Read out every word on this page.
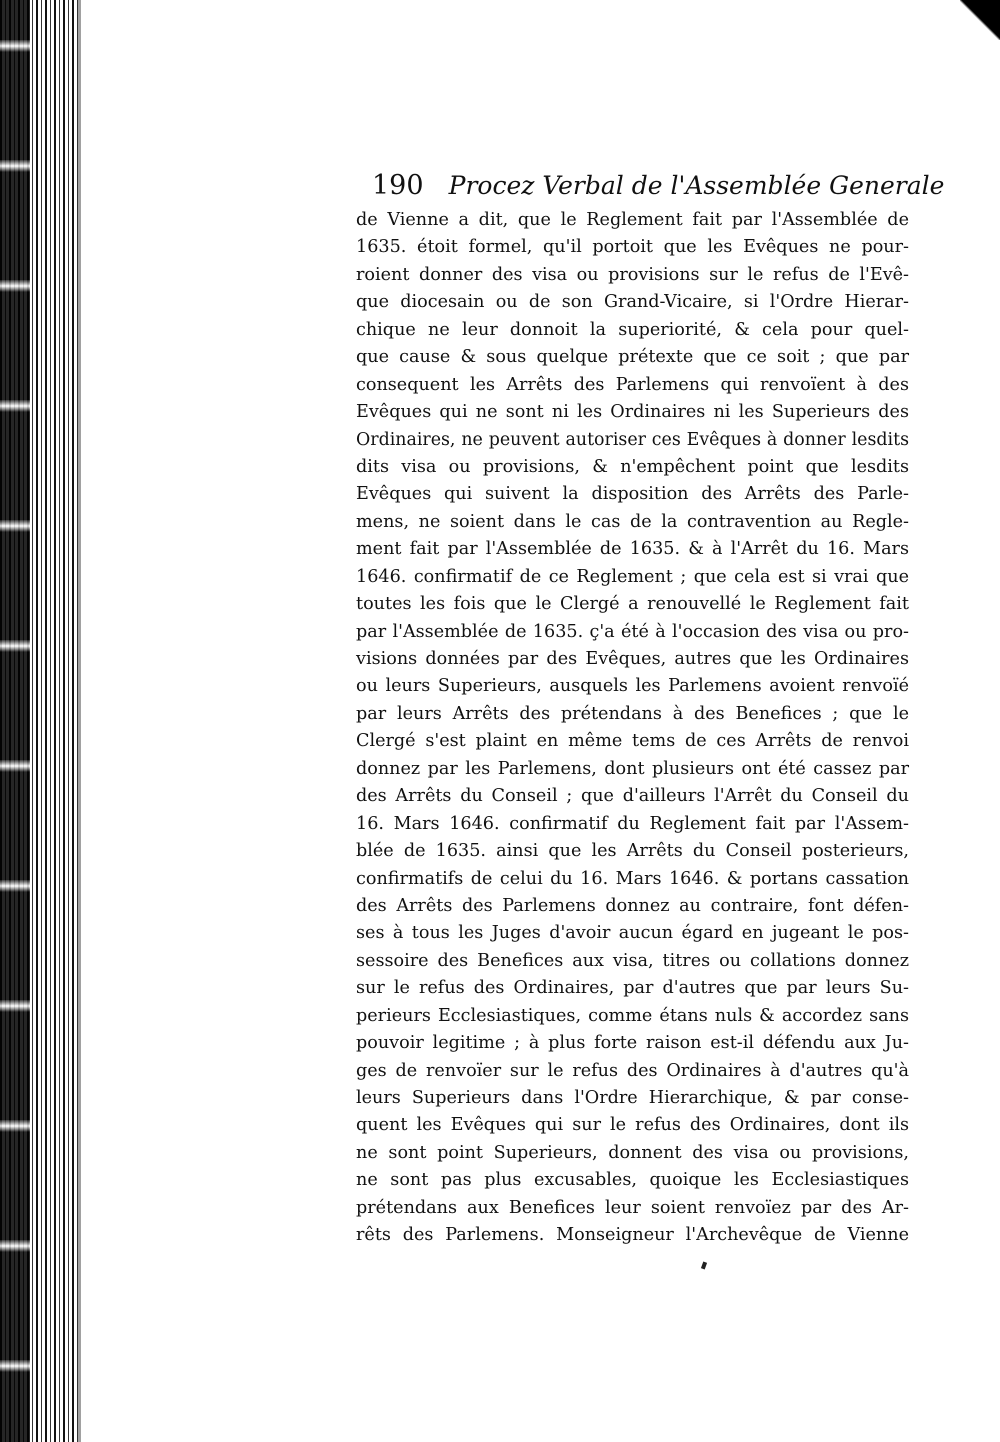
190 Procez Verbal de l'Assemblée Generale
de Vienne a dit, que le Reglement fait par l'Assemblée de
1635. étoit formel, qu'il portoit que les Evêques ne pour-
roient donner des visa ou provisions sur le refus de l'Evê-
que diocesain ou de son Grand-Vicaire, si l'Ordre Hierar-
chique ne leur donnoit la superiorité, & cela pour quel-
que cause & sous quelque prétexte que ce soit ; que par
consequent les Arrêts des Parlemens qui renvoïent à des
Evêques qui ne sont ni les Ordinaires ni les Superieurs des
Ordinaires, ne peuvent autoriser ces Evêques à donner lesdits
dits visa ou provisions, & n'empêchent point que lesdits
Evêques qui suivent la disposition des Arrêts des Parle-
mens, ne soient dans le cas de la contravention au Regle-
ment fait par l'Assemblée de 1635. & à l'Arrêt du 16. Mars
1646. confirmatif de ce Reglement ; que cela est si vrai que
toutes les fois que le Clergé a renouvellé le Reglement fait
par l'Assemblée de 1635. ç'a été à l'occasion des visa ou pro-
visions données par des Evêques, autres que les Ordinaires
ou leurs Superieurs, ausquels les Parlemens avoient renvoïé
par leurs Arrêts des prétendans à des Benefices ; que le
Clergé s'est plaint en même tems de ces Arrêts de renvoi
donnez par les Parlemens, dont plusieurs ont été cassez par
des Arrêts du Conseil ; que d'ailleurs l'Arrêt du Conseil du
16. Mars 1646. confirmatif du Reglement fait par l'Assem-
blée de 1635. ainsi que les Arrêts du Conseil posterieurs,
confirmatifs de celui du 16. Mars 1646. & portans cassation
des Arrêts des Parlemens donnez au contraire, font défen-
ses à tous les Juges d'avoir aucun égard en jugeant le pos-
sessoire des Benefices aux visa, titres ou collations donnez
sur le refus des Ordinaires, par d'autres que par leurs Su-
perieurs Ecclesiastiques, comme étans nuls & accordez sans
pouvoir legitime ; à plus forte raison est-il défendu aux Ju-
ges de renvoïer sur le refus des Ordinaires à d'autres qu'à
leurs Superieurs dans l'Ordre Hierarchique, & par conse-
quent les Evêques qui sur le refus des Ordinaires, dont ils
ne sont point Superieurs, donnent des visa ou provisions,
ne sont pas plus excusables, quoique les Ecclesiastiques
prétendans aux Benefices leur soient renvoïez par des Ar-
rêts des Parlemens. Monseigneur l'Archevêque de Vienne
